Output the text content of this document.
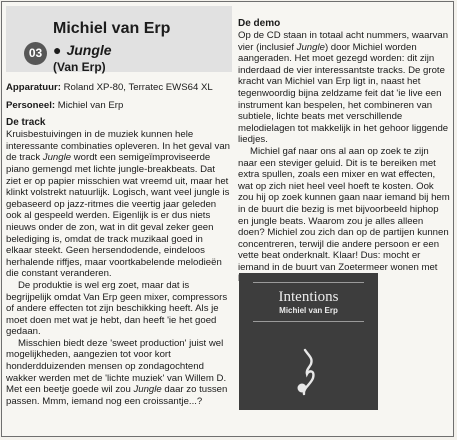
03
Michiel van Erp
● Jungle
(Van Erp)
Apparatuur: Roland XP-80, Terratec EWS64 XL
Personeel: Michiel van Erp
De track

Kruisbestuivingen in de muziek kunnen hele interessante combinaties opleveren. In het geval van de track Jungle wordt een semigeïmproviseerde piano gemengd met lichte jungle-breakbeats. Dat ziet er op papier misschien wat vreemd uit, maar het klinkt volstrekt natuurlijk. Logisch, want veel jungle is gebaseerd op jazz-ritmes die veertig jaar geleden ook al gespeeld werden. Eigenlijk is er dus niets nieuws onder de zon, wat in dit geval zeker geen belediging is, omdat de track muzikaal goed in elkaar steekt. Geen hersendodende, eindeloos herhalende riffjes, maar voortkabelende melodieën die constant veranderen.

De produktie is wel erg zoet, maar dat is begrijpelijk omdat Van Erp geen mixer, compressors of andere effecten tot zijn beschikking heeft. Als je moet doen met wat je hebt, dan heeft 'ie het goed gedaan.

Misschien biedt deze 'sweet production' juist wel mogelijkheden, aangezien tot voor kort honderdduizenden mensen op zondagochtend wakker werden met de 'lichte muziek' van Willem D. Met een beetje goede wil zou Jungle daar zo tussen passen. Mmm, iemand nog een croissantje...?

De demo

Op de CD staan in totaal acht nummers, waarvan vier (inclusief Jungle) door Michiel worden aangeraden. Het moet gezegd worden: dit zijn inderdaad de vier interessantste tracks. De grote kracht van Michiel van Erp ligt in, naast het tegenwoordig bijna zeldzame feit dat 'ie live een instrument kan bespelen, het combineren van subtiele, lichte beats met verschillende melodielagen tot makkelijk in het gehoor liggende liedjes.

Michiel gaf naar ons al aan op zoek te zijn naar een steviger geluid. Dit is te bereiken met extra spullen, zoals een mixer en wat effecten, wat op zich niet heel veel hoeft te kosten. Ook zou hij op zoek kunnen gaan naar iemand bij hem in de buurt die bezig is met bijvoorbeeld hiphop en jungle beats. Waarom zou je alles alleen doen? Michiel zou zich dan op de partijen kunnen concentreren, terwijl die andere persoon er een vette beat onderknalt. Klaar! Dus: mocht er iemand in de buurt van Zoetermeer wonen met

Intentions
Michiel van Erp
